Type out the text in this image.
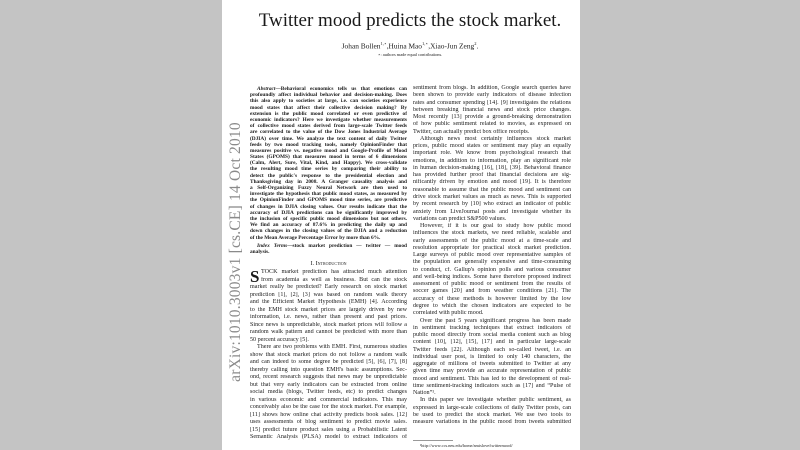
arXiv:1010.3003v1 [cs.CE] 14 Oct 2010
Twitter mood predicts the stock market.
Johan Bollen$^{1,⋆}$,Huina Mao$^{1,⋆}$,Xiao-Jun Zeng$^2$.
⋆: authors made equal contributions.
Abstract—Behavioral economics tells us that emotions can
profoundly affect individual behavior and decision-making. Does
this also apply to societies at large, i.e. can societies experience
mood states that affect their collective decision making? By
extension is the public mood correlated or even predictive of
economic indicators? Here we investigate whether measurements
of collective mood states derived from large-scale Twitter feeds
are correlated to the value of the Dow Jones Industrial Average
(DJIA) over time. We analyze the text content of daily Twitter
feeds by two mood tracking tools, namely OpinionFinder that
measures positive vs. negative mood and Google-Profile of Mood
States (GPOMS) that measures mood in terms of 6 dimensions
(Calm, Alert, Sure, Vital, Kind, and Happy). We cross-validate
the resulting mood time series by comparing their ability to
detect the public's response to the presidential election and
Thanksgiving day in 2008. A Granger causality analysis and
a Self-Organizing Fuzzy Neural Network are then used to
investigate the hypothesis that public mood states, as measured by
the OpinionFinder and GPOMS mood time series, are predictive
of changes in DJIA closing values. Our results indicate that the
accuracy of DJIA predictions can be significantly improved by
the inclusion of specific public mood dimensions but not others.
We find an accuracy of 87.6% in predicting the daily up and
down changes in the closing values of the DJIA and a reduction
of the Mean Average Percentage Error by more than 6%.
Index Terms—stock market prediction — twitter — mood
analysis.
I. Introduction
S TOCK market prediction has attracted much attention
from academia as well as business. But can the stock
market really be predicted? Early research on stock market
prediction [1], [2], [3] was based on random walk theory
and the Efficient Market Hypothesis (EMH) [4]. According
to the EMH stock market prices are largely driven by new
information, i.e. news, rather than present and past prices.
Since news is unpredictable, stock market prices will follow a
random walk pattern and cannot be predicted with more than
50 percent accuracy [5].
There are two problems with EMH. First, numerous studies
show that stock market prices do not follow a random walk
and can indeed to some degree be predicted [5], [6], [7], [8]
thereby calling into question EMH's basic assumptions. Sec-
ond, recent research suggests that news may be unpredictable
but that very early indicators can be extracted from online
social media (blogs, Twitter feeds, etc) to predict changes
in various economic and commercial indicators. This may
conceivably also be the case for the stock market. For example,
[11] shows how online chat activity predicts book sales. [12]
uses assessments of blog sentiment to predict movie sales.
[15] predict future product sales using a Probabilistic Latent
Semantic Analysis (PLSA) model to extract indicators of
sentiment from blogs. In addition, Google search queries have
been shown to provide early indicators of disease infection
rates and consumer spending [14]. [9] investigates the relations
between breaking financial news and stock price changes.
Most recently [13] provide a ground-breaking demonstration
of how public sentiment related to movies, as expressed on
Twitter, can actually predict box office receipts.
Although news most certainly influences stock market
prices, public mood states or sentiment may play an equally
important role. We know from psychological research that
emotions, in addition to information, play an significant role
in human decision-making [16], [18], [39]. Behavioral finance
has provided further proof that financial decisions are sig-
nificantly driven by emotion and mood [19]. It is therefore
reasonable to assume that the public mood and sentiment can
drive stock market values as much as news. This is supported
by recent research by [10] who extract an indicator of public
anxiety from LiveJournal posts and investigate whether its
variations can predict S&P500 values.
However, if it is our goal to study how public mood
influences the stock markets, we need reliable, scalable and
early assessments of the public mood at a time-scale and
resolution appropriate for practical stock market prediction.
Large surveys of public mood over representative samples of
the population are generally expensive and time-consuming
to conduct, cf. Gallup's opinion polls and various consumer
and well-being indices. Some have therefore proposed indirect
assessment of public mood or sentiment from the results of
soccer games [20] and from weather conditions [21]. The
accuracy of these methods is however limited by the low
degree to which the chosen indicators are expected to be
correlated with public mood.
Over the past 5 years significant progress has been made
in sentiment tracking techniques that extract indicators of
public mood directly from social media content such as blog
content [10], [12], [15], [17] and in particular large-scale
Twitter feeds [22]. Although each so-called tweet, i.e. an
individual user post, is limited to only 140 characters, the
aggregate of millions of tweets submitted to Twitter at any
given time may provide an accurate representation of public
mood and sentiment. This has led to the development of real-
time sentiment-tracking indicators such as [17] and “Pulse of
Nation”¹.
In this paper we investigate whether public sentiment, as
expressed in large-scale collections of daily Twitter posts, can
be used to predict the stock market. We use two tools to
measure variations in the public mood from tweets submitted
¹http://www.ccs.neu.edu/home/amislove/twittermood/
